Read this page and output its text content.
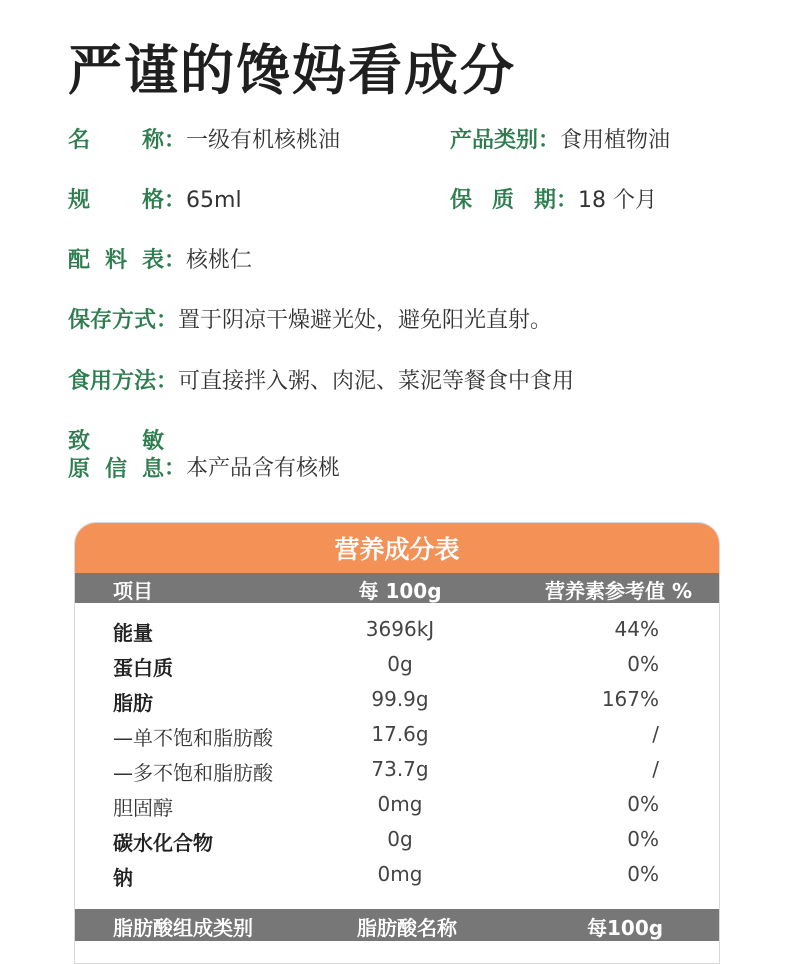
严谨的馋妈看成分
名 称 ：一级有机核桃油	产品类别：食用植物油
规 格 ：65ml	保 质 期 ：18 个月
配 料 表 ：核桃仁
保存方式：置于阴凉干燥避光处，避免阳光直射。
食用方法：可直接拌入粥、肉泥、菜泥等餐食中食用
致 敏
原 信 息 ：本产品含有核桃
营养成分表
项目	每 100g	营养素参考值 %
能量	3696kJ	44%
蛋白质	0g	0%
脂肪	99.9g	167%
—单不饱和脂肪酸	17.6g	/
—多不饱和脂肪酸	73.7g	/
胆固醇	0mg	0%
碳水化合物	0g	0%
钠	0mg	0%
脂肪酸组成类别	脂肪酸名称	每100g
